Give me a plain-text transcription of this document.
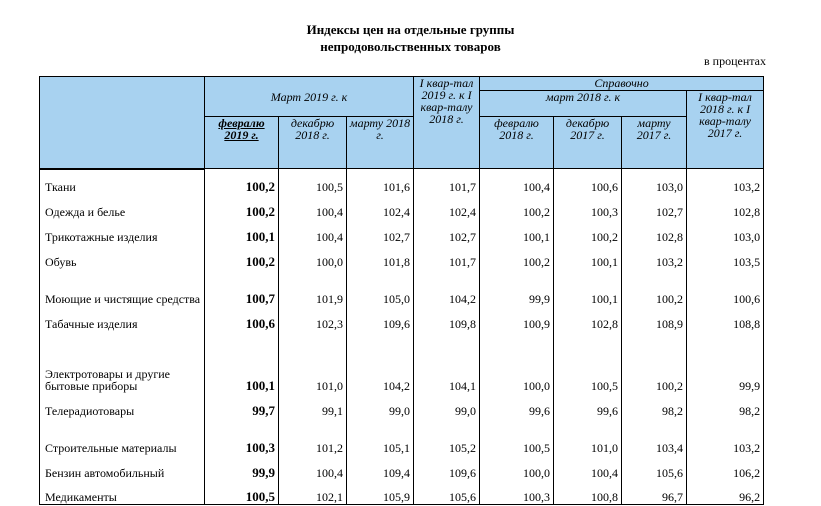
Индексы цен на отдельные группы
непродовольственных товаров
в процентах
	Март 2019 г. к			I квар-тал 2019 г. к I квар-талу 2018 г.	Справочно			
					март 2018 г. к			I квар-тал 2018 г. к I квар-талу 2017 г.
	февралю 2019 г.	декабрю 2018 г.	марту 2018 г.		февралю 2018 г.	декабрю 2017 г.	марту 2017 г.	
Ткани	100,2	100,5	101,6	101,7	100,4	100,6	103,0	103,2
Одежда и белье	100,2	100,4	102,4	102,4	100,2	100,3	102,7	102,8
Трикотажные изделия	100,1	100,4	102,7	102,7	100,1	100,2	102,8	103,0
Обувь	100,2	100,0	101,8	101,7	100,2	100,1	103,2	103,5
Моющие и чистящие средства	100,7	101,9	105,0	104,2	99,9	100,1	100,2	100,6
Табачные изделия	100,6	102,3	109,6	109,8	100,9	102,8	108,9	108,8
Электротовары и другие бытовые приборы	100,1	101,0	104,2	104,1	100,0	100,5	100,2	99,9
Телерадиотовары	99,7	99,1	99,0	99,0	99,6	99,6	98,2	98,2
Строительные материалы	100,3	101,2	105,1	105,2	100,5	101,0	103,4	103,2
Бензин автомобильный	99,9	100,4	109,4	109,6	100,0	100,4	105,6	106,2
Медикаменты	100,5	102,1	105,9	105,6	100,3	100,8	96,7	96,2
